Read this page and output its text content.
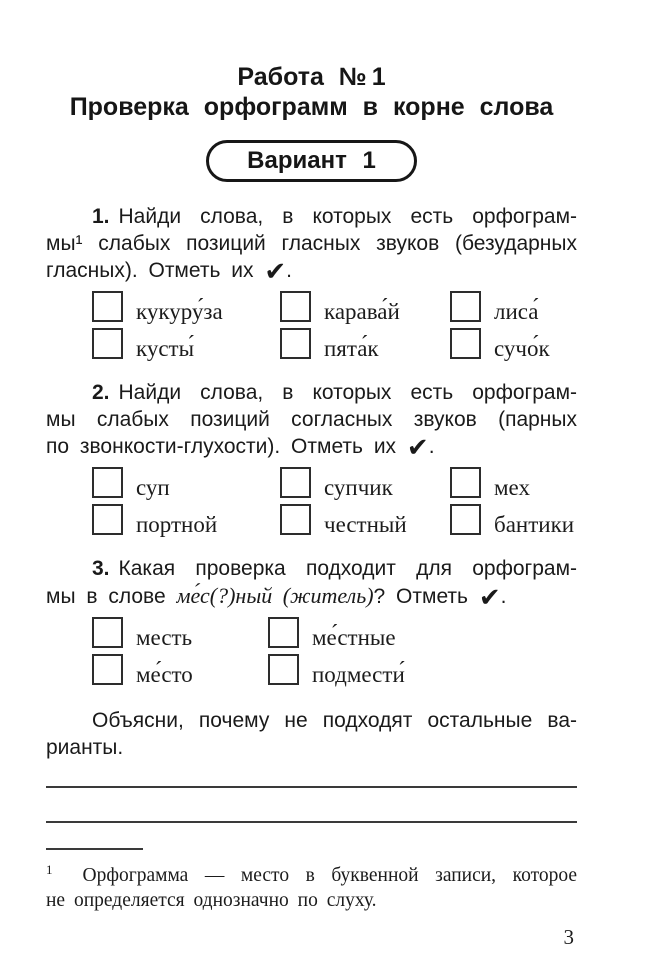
Работа № 1
Проверка орфограмм в корне слова
Вариант 1
1. Найди слова, в которых есть орфограм-
мы¹ слабых позиций гласных звуков (безударных
гласных). Отметь их ✔.
кукуру́за	карава́й	лиса́
кусты́	пята́к	сучо́к
2. Найди слова, в которых есть орфограм-
мы слабых позиций согласных звуков (парных
по звонкости-глухости). Отметь их ✔.
суп	супчик	мех
портной	честный	бантики
3. Какая проверка подходит для орфограм-
мы в слове ме́с(?)ный (житель)? Отметь ✔.
месть	ме́стные
ме́сто	подмести́
Объясни, почему не подходят остальные ва-
рианты.
$^1$ Орфограмма — место в буквенной записи, которое
не определяется однозначно по слуху.
3
